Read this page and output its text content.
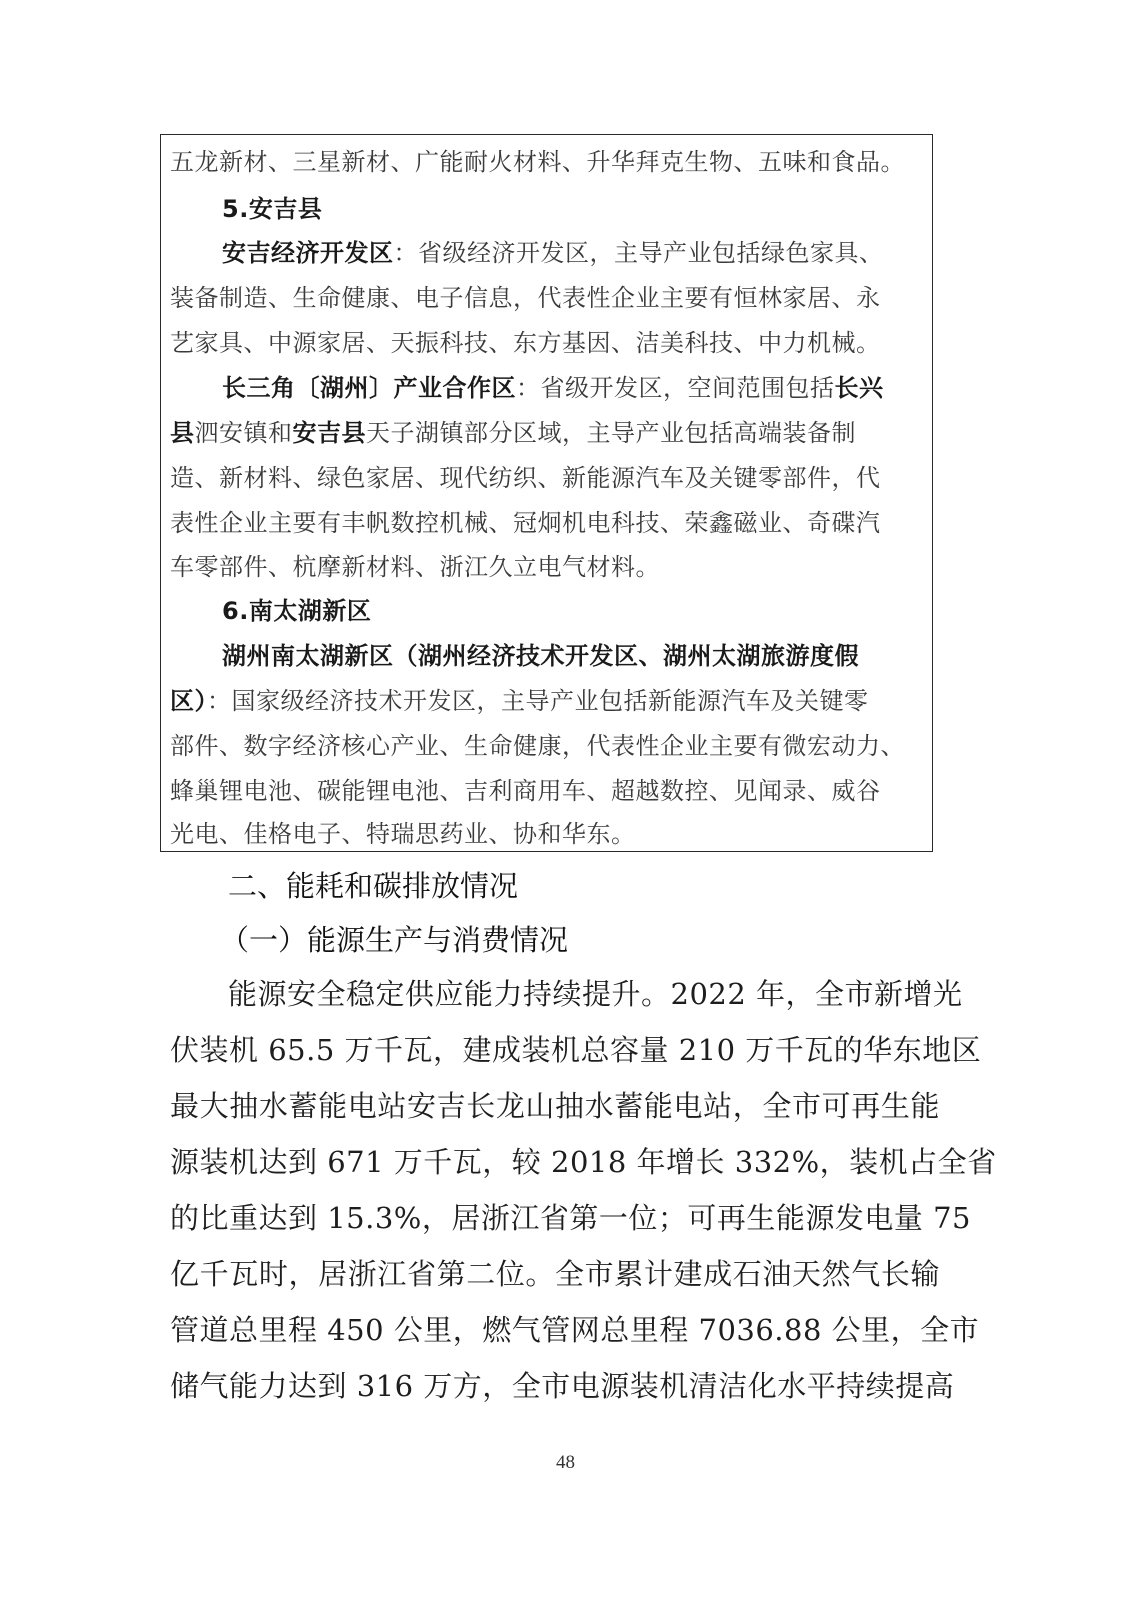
五龙新材、三星新材、广能耐火材料、升华拜克生物、五味和食品。
5.安吉县
安吉经济开发区：省级经济开发区，主导产业包括绿色家具、
装备制造、生命健康、电子信息，代表性企业主要有恒林家居、永
艺家具、中源家居、天振科技、东方基因、洁美科技、中力机械。
长三角〔湖州〕产业合作区：省级开发区，空间范围包括长兴
县泗安镇和安吉县天子湖镇部分区域，主导产业包括高端装备制
造、新材料、绿色家居、现代纺织、新能源汽车及关键零部件，代
表性企业主要有丰帆数控机械、冠炯机电科技、荣鑫磁业、奇碟汽
车零部件、杭摩新材料、浙江久立电气材料。
6.南太湖新区
湖州南太湖新区（湖州经济技术开发区、湖州太湖旅游度假
区）：国家级经济技术开发区，主导产业包括新能源汽车及关键零
部件、数字经济核心产业、生命健康，代表性企业主要有微宏动力、
蜂巢锂电池、碳能锂电池、吉利商用车、超越数控、见闻录、威谷
光电、佳格电子、特瑞思药业、协和华东。
二、能耗和碳排放情况
（一）能源生产与消费情况
能源安全稳定供应能力持续提升。2022 年，全市新增光
伏装机 65.5 万千瓦，建成装机总容量 210 万千瓦的华东地区
最大抽水蓄能电站安吉长龙山抽水蓄能电站，全市可再生能
源装机达到 671 万千瓦，较 2018 年增长 332%，装机占全省
的比重达到 15.3%，居浙江省第一位；可再生能源发电量 75
亿千瓦时，居浙江省第二位。全市累计建成石油天然气长输
管道总里程 450 公里，燃气管网总里程 7036.88 公里，全市
储气能力达到 316 万方，全市电源装机清洁化水平持续提高
48
